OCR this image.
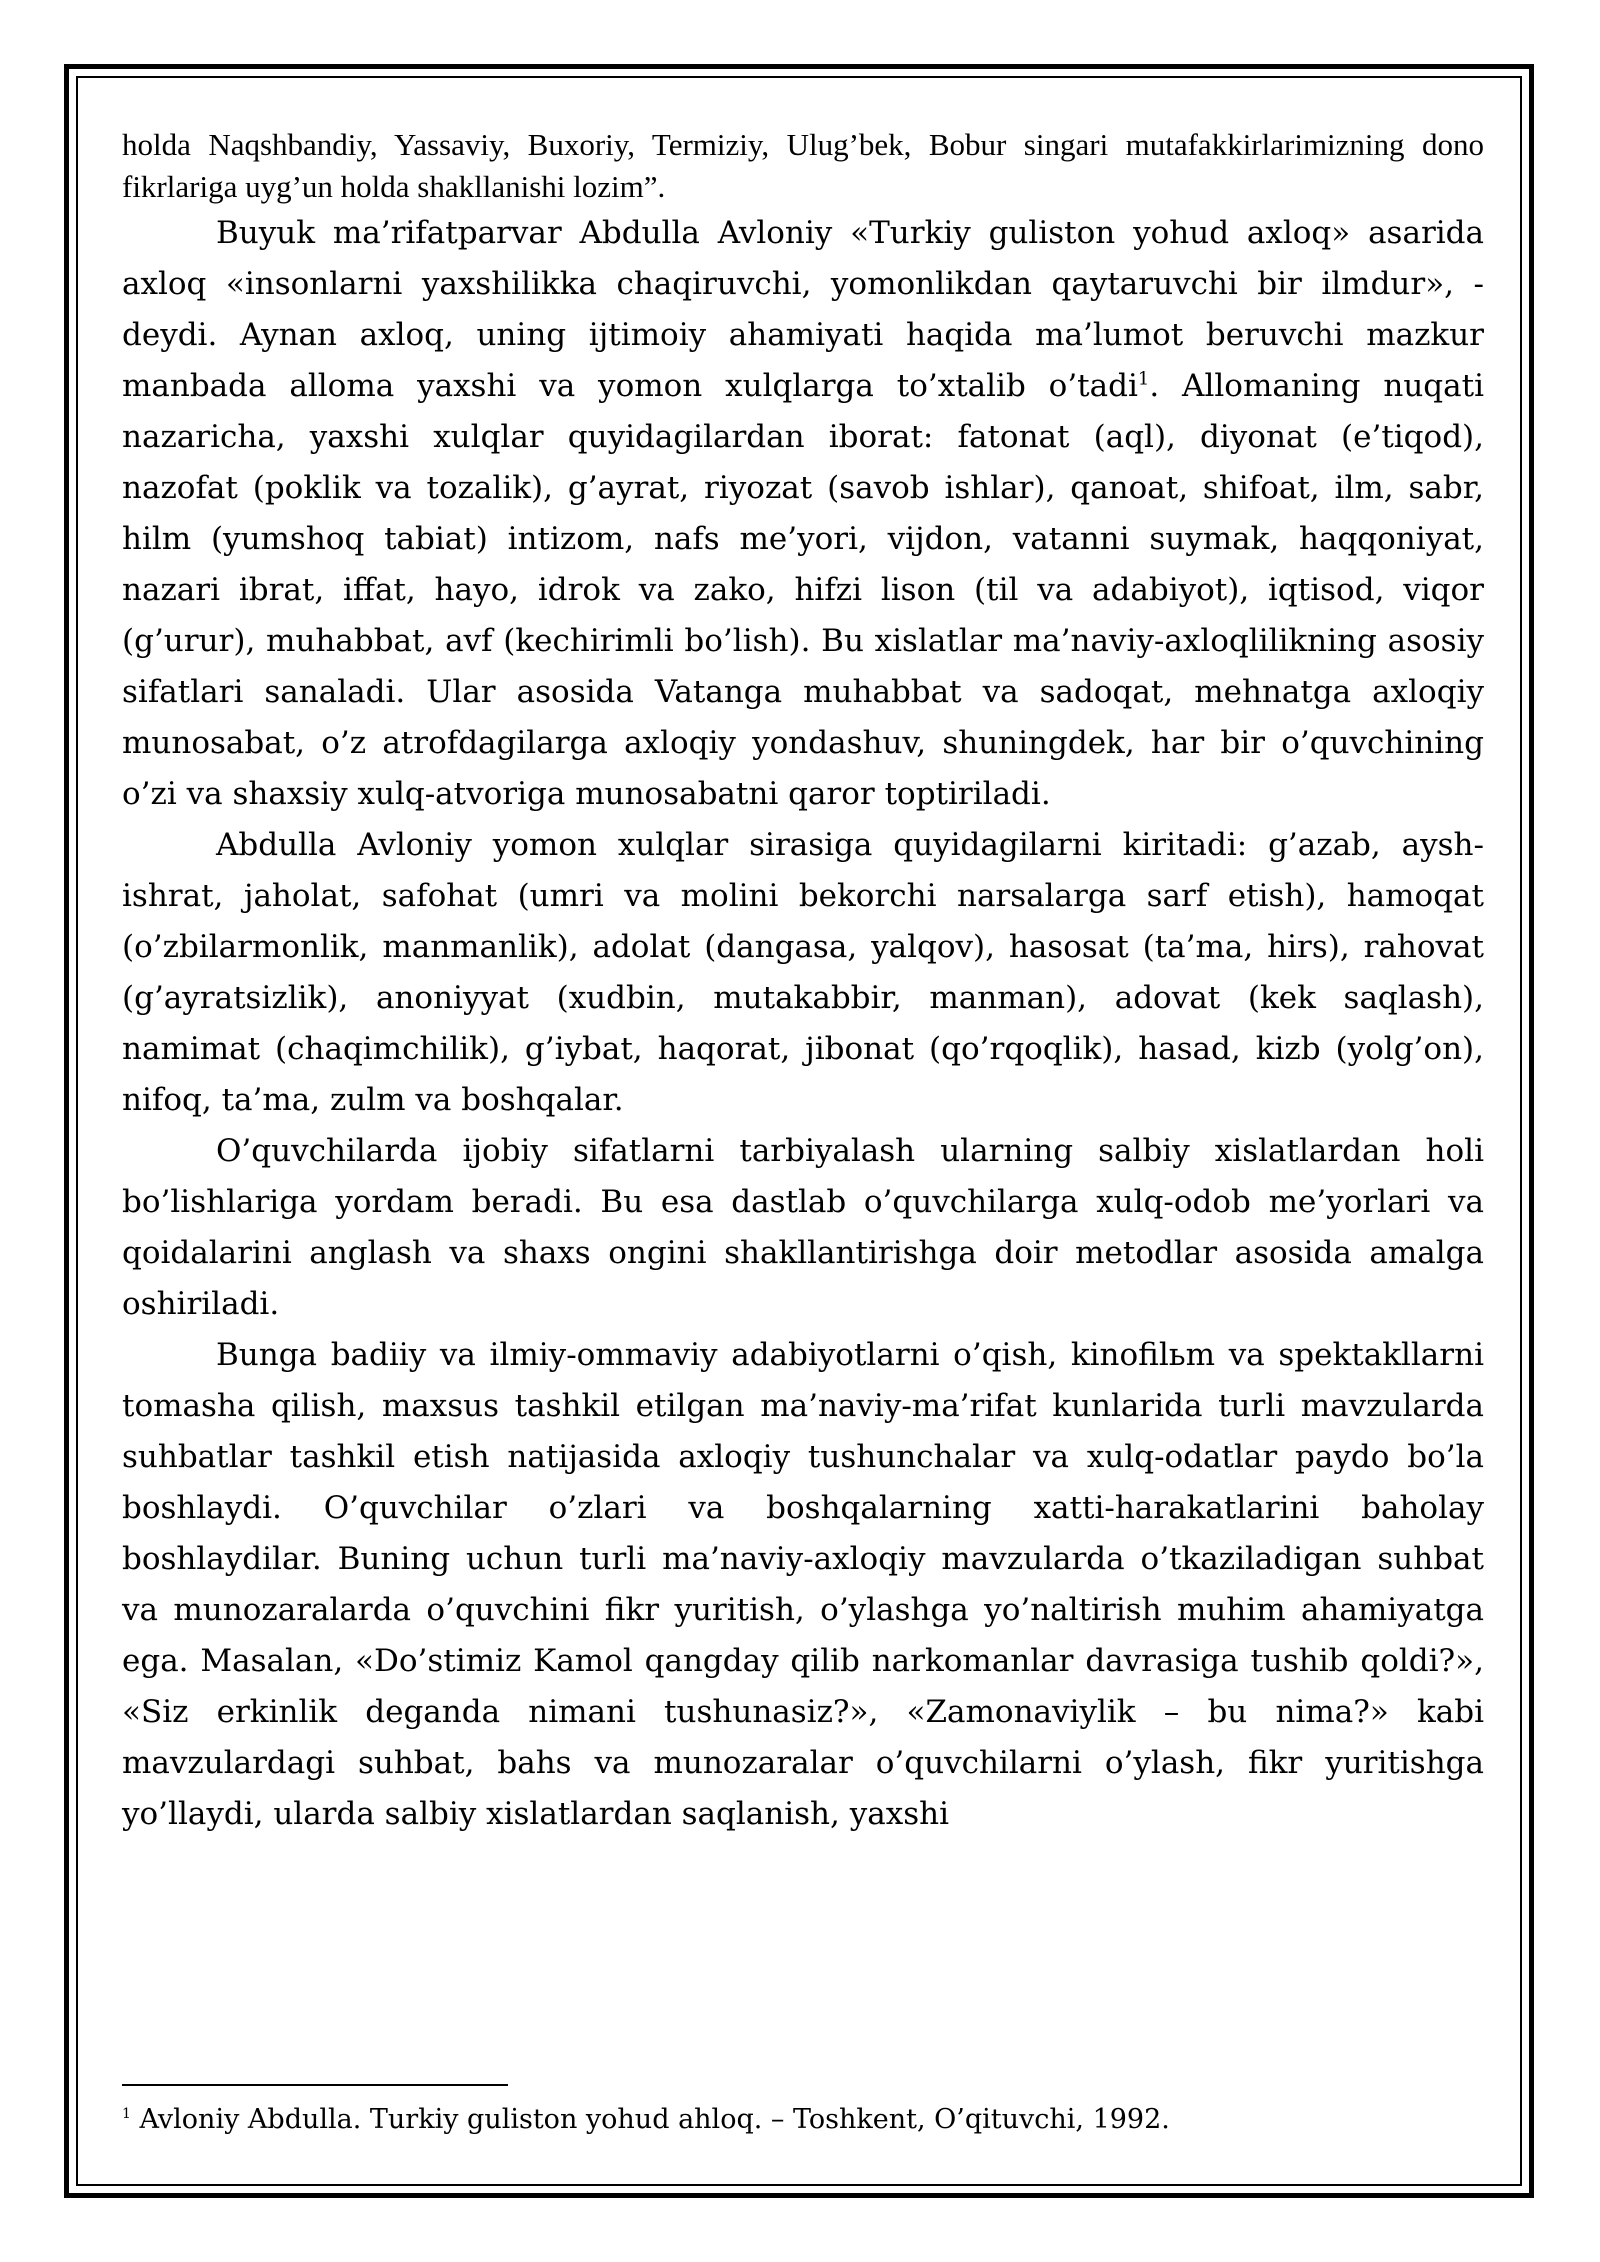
holda Naqshbandiy, Yassaviy, Buxoriy, Termiziy, Ulug’bek, Bobur singari mutafakkirlarimizning dono fikrlariga uyg’un holda shakllanishi lozim”.

Buyuk ma’rifatparvar Abdulla Avloniy «Turkiy guliston yohud axloq» asarida axloq «insonlarni yaxshilikka chaqiruvchi, yomonlikdan qaytaruvchi bir ilmdur», - deydi. Aynan axloq, uning ijtimoiy ahamiyati haqida ma’lumot beruvchi mazkur manbada alloma yaxshi va yomon xulqlarga to’xtalib o’tadi$^1$. Allomaning nuqati nazaricha, yaxshi xulqlar quyidagilardan iborat: fatonat (aql), diyonat (e’tiqod), nazofat (poklik va tozalik), g’ayrat, riyozat (savob ishlar), qanoat, shifoat, ilm, sabr, hilm (yumshoq tabiat) intizom, nafs me’yori, vijdon, vatanni suymak, haqqoniyat, nazari ibrat, iffat, hayo, idrok va zako, hifzi lison (til va adabiyot), iqtisod, viqor (g’urur), muhabbat, avf (kechirimli bo’lish). Bu xislatlar ma’naviy-axloqlilikning asosiy sifatlari sanaladi. Ular asosida Vatanga muhabbat va sadoqat, mehnatga axloqiy munosabat, o’z atrofdagilarga axloqiy yondashuv, shuningdek, har bir o’quvchining o’zi va shaxsiy xulq-atvoriga munosabatni qaror toptiriladi.

Abdulla Avloniy yomon xulqlar sirasiga quyidagilarni kiritadi: g’azab, aysh-ishrat, jaholat, safohat (umri va molini bekorchi narsalarga sarf etish), hamoqat (o’zbilarmonlik, manmanlik), adolat (dangasa, yalqov), hasosat (ta’ma, hirs), rahovat (g’ayratsizlik), anoniyyat (xudbin, mutakabbir, manman), adovat (kek saqlash), namimat (chaqimchilik), g’iybat, haqorat, jibonat (qo’rqoqlik), hasad, kizb (yolg’on), nifoq, ta’ma, zulm va boshqalar.

O’quvchilarda ijobiy sifatlarni tarbiyalash ularning salbiy xislatlardan holi bo’lishlariga yordam beradi. Bu esa dastlab o’quvchilarga xulq-odob me’yorlari va qoidalarini anglash va shaxs ongini shakllantirishga doir metodlar asosida amalga oshiriladi.

Bunga badiiy va ilmiy-ommaviy adabiyotlarni o’qish, kinofilьm va spektakllarni tomasha qilish, maxsus tashkil etilgan ma’naviy-ma’rifat kunlarida turli mavzularda suhbatlar tashkil etish natijasida axloqiy tushunchalar va xulq-odatlar paydo bo’la boshlaydi. O’quvchilar o’zlari va boshqalarning xatti-harakatlarini baholay boshlaydilar. Buning uchun turli ma’naviy-axloqiy mavzularda o’tkaziladigan suhbat va munozaralarda o’quvchini fikr yuritish, o’ylashga yo’naltirish muhim ahamiyatga ega. Masalan, «Do’stimiz Kamol qangday qilib narkomanlar davrasiga tushib qoldi?», «Siz erkinlik deganda nimani tushunasiz?», «Zamonaviylik – bu nima?» kabi mavzulardagi suhbat, bahs va munozaralar o’quvchilarni o’ylash, fikr yuritishga yo’llaydi, ularda salbiy xislatlardan saqlanish, yaxshi

$^1$ Avloniy Abdulla. Turkiy guliston yohud ahloq. – Toshkent, O’qituvchi, 1992.
